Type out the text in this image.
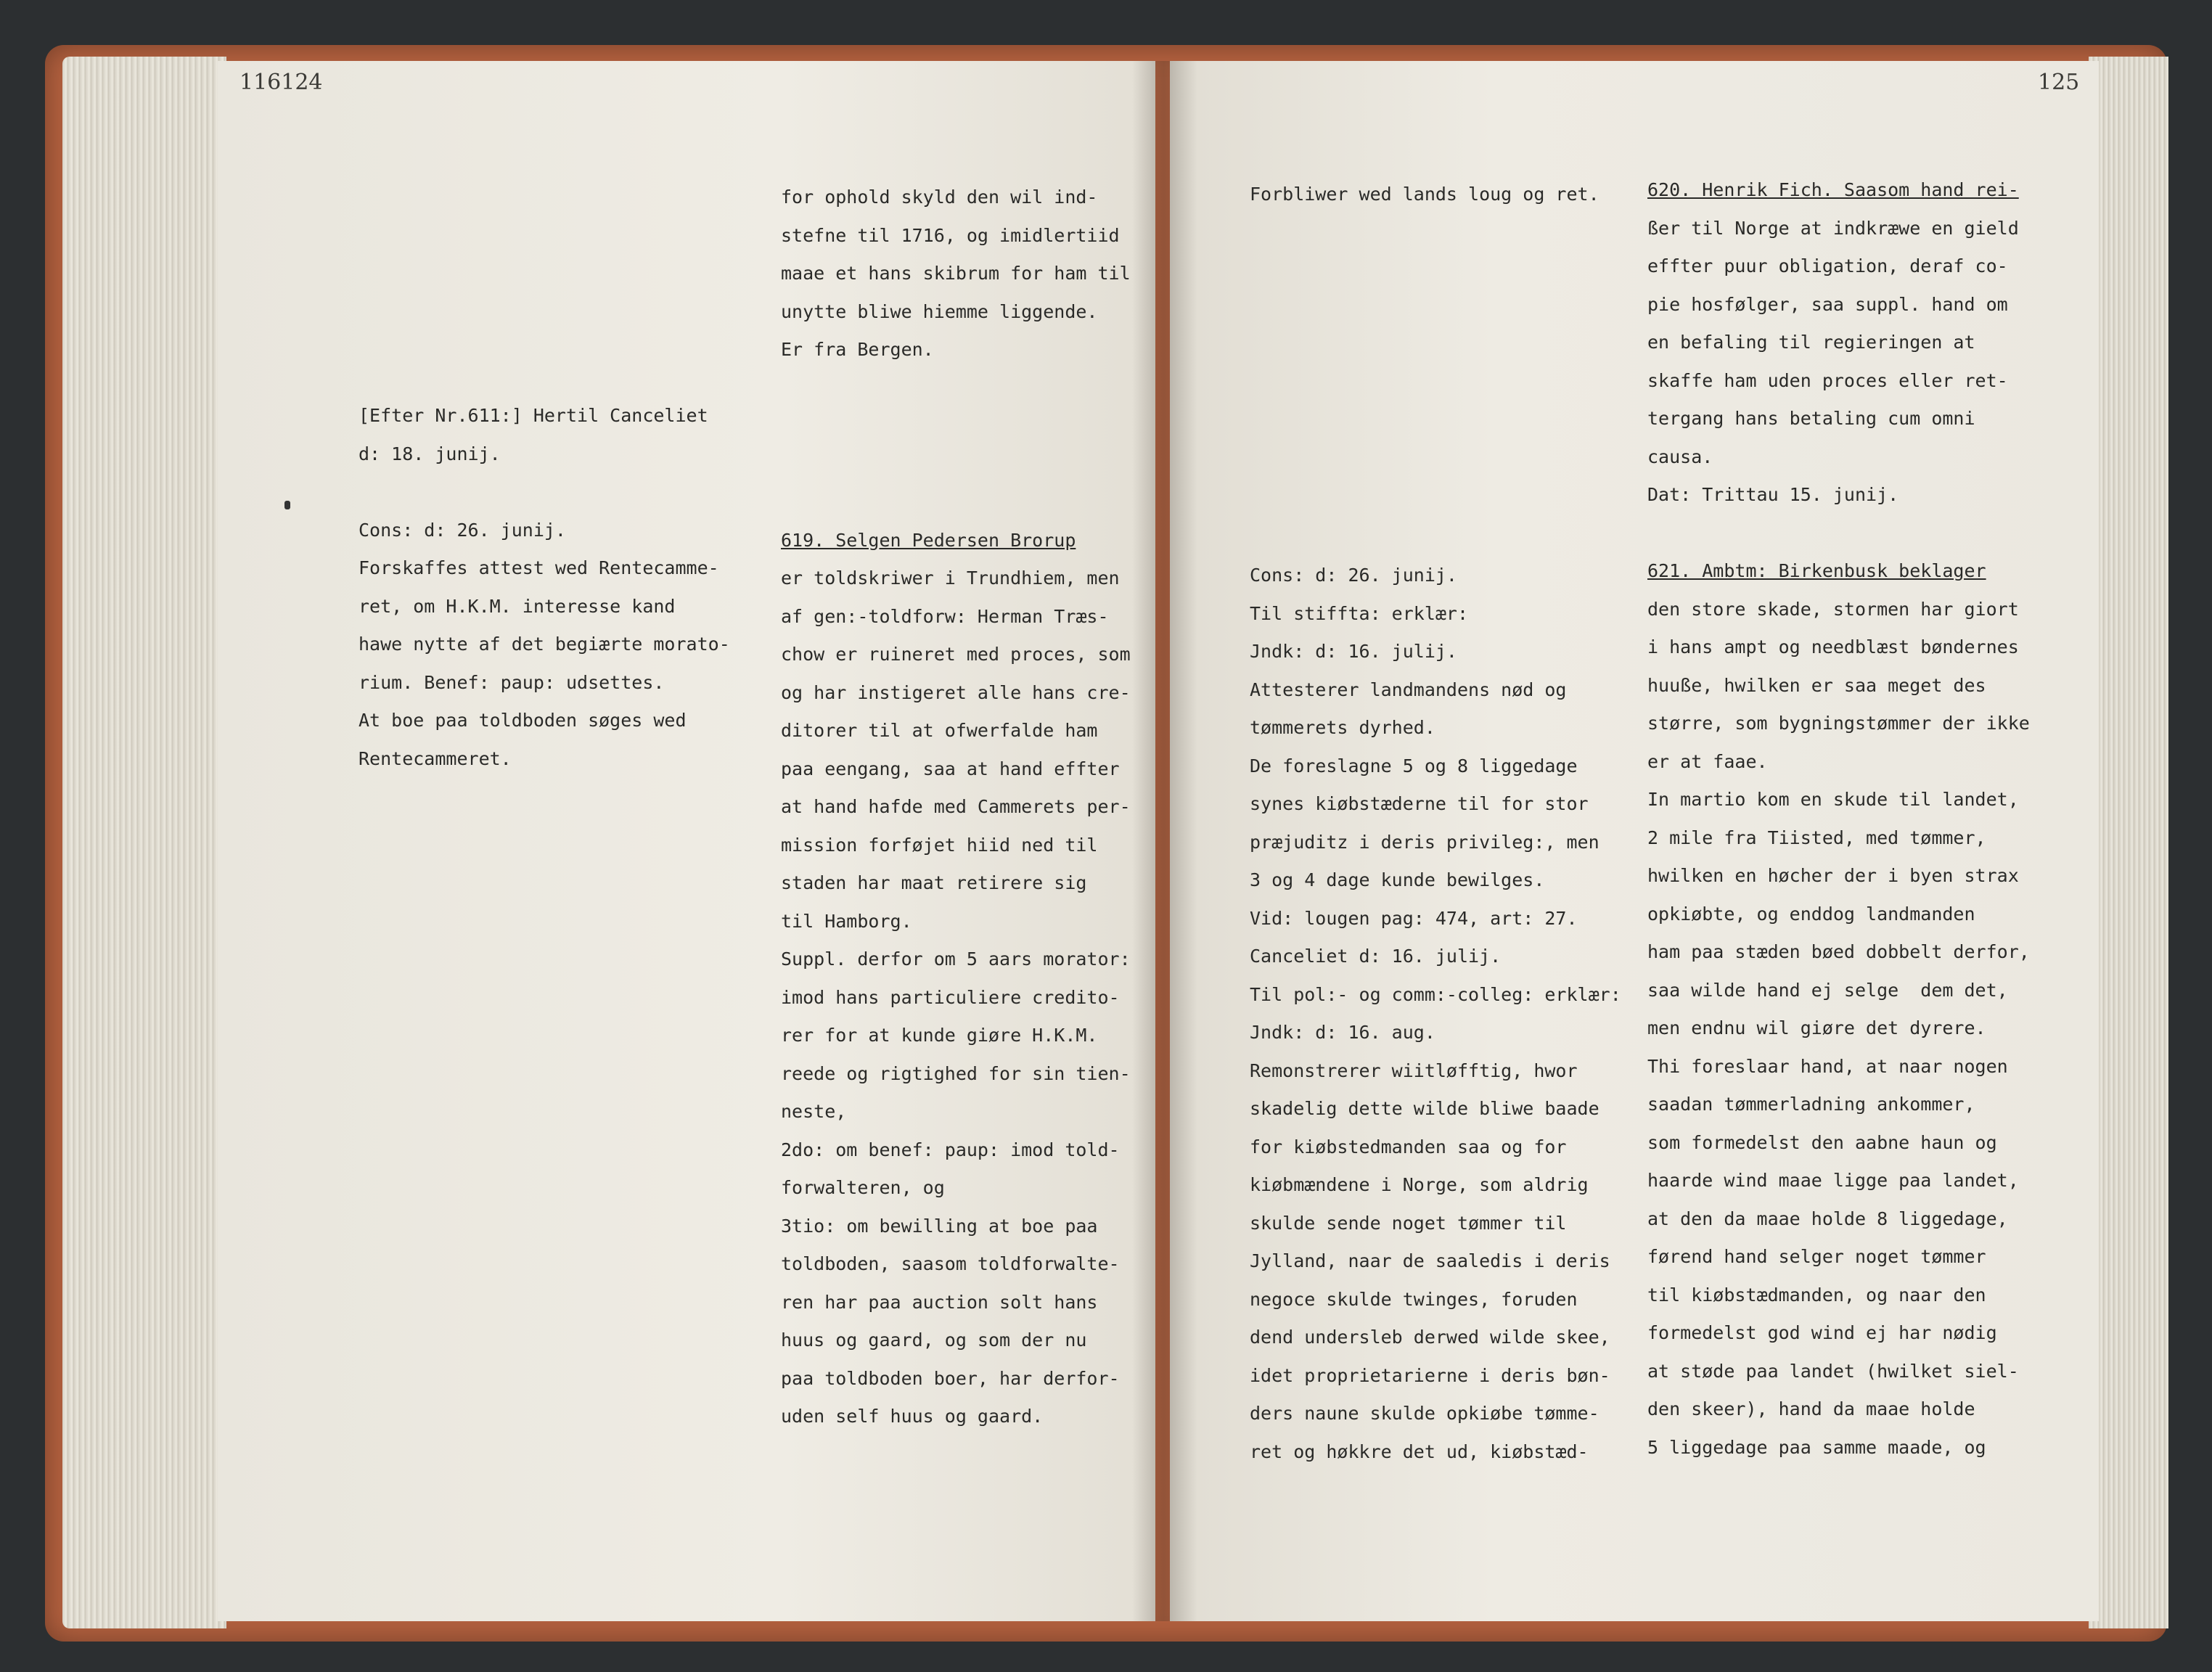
116124	125
[Efter Nr.611:] Hertil Canceliet
d: 18. junij.
Cons: d: 26. junij.
Forskaffes attest wed Rentecamme-
ret, om H.K.M. interesse kand
hawe nytte af det begiærte morato-
rium. Benef: paup: udsettes.
At boe paa toldboden søges wed
Rentecammeret.
for ophold skyld den wil ind-
stefne til 1716, og imidlertiid
maae et hans skibrum for ham til
unytte bliwe hiemme liggende.
Er fra Bergen.
619. Selgen Pedersen Brorup
er toldskriwer i Trundhiem, men
af gen:-toldforw: Herman Træs-
chow er ruineret med proces, som
og har instigeret alle hans cre-
ditorer til at ofwerfalde ham
paa eengang, saa at hand effter
at hand hafde med Cammerets per-
mission forføjet hiid ned til
staden har maat retirere sig
til Hamborg.
Suppl. derfor om 5 aars morator:
imod hans particuliere credito-
rer for at kunde giøre H.K.M.
reede og rigtighed for sin tien-
neste,
2do: om benef: paup: imod told-
forwalteren, og
3tio: om bewilling at boe paa
toldboden, saasom toldforwalte-
ren har paa auction solt hans
huus og gaard, og som der nu
paa toldboden boer, har derfor-
uden self huus og gaard.
Forbliwer wed lands loug og ret.
Cons: d: 26. junij.
Til stiffta: erklær:
Jndk: d: 16. julij.
Attesterer landmandens nød og
tømmerets dyrhed.
De foreslagne 5 og 8 liggedage
synes kiøbstæderne til for stor
præjuditz i deris privileg:, men
3 og 4 dage kunde bewilges.
Vid: lougen pag: 474, art: 27.
Canceliet d: 16. julij.
Til pol:- og comm:-colleg: erklær:
Jndk: d: 16. aug.
Remonstrerer wiitløfftig, hwor
skadelig dette wilde bliwe baade
for kiøbstedmanden saa og for
kiøbmændene i Norge, som aldrig
skulde sende noget tømmer til
Jylland, naar de saaledis i deris
negoce skulde twinges, foruden
dend undersleb derwed wilde skee,
idet proprietarierne i deris bøn-
ders naune skulde opkiøbe tømme-
ret og høkkre det ud, kiøbstæd-
620. Henrik Fich. Saasom hand rei-
ßer til Norge at indkræwe en gield
effter puur obligation, deraf co-
pie hosfølger, saa suppl. hand om
en befaling til regieringen at
skaffe ham uden proces eller ret-
tergang hans betaling cum omni
causa.
Dat: Trittau 15. junij.
621. Ambtm: Birkenbusk beklager
den store skade, stormen har giort
i hans ampt og needblæst bøndernes
huuße, hwilken er saa meget des
større, som bygningstømmer der ikke
er at faae.
In martio kom en skude til landet,
2 mile fra Tiisted, med tømmer,
hwilken en høcher der i byen strax
opkiøbte, og enddog landmanden
ham paa stæden bøed dobbelt derfor,
saa wilde hand ej selge  dem det,
men endnu wil giøre det dyrere.
Thi foreslaar hand, at naar nogen
saadan tømmerladning ankommer,
som formedelst den aabne haun og
haarde wind maae ligge paa landet,
at den da maae holde 8 liggedage,
førend hand selger noget tømmer
til kiøbstædmanden, og naar den
formedelst god wind ej har nødig
at støde paa landet (hwilket siel-
den skeer), hand da maae holde
5 liggedage paa samme maade, og
